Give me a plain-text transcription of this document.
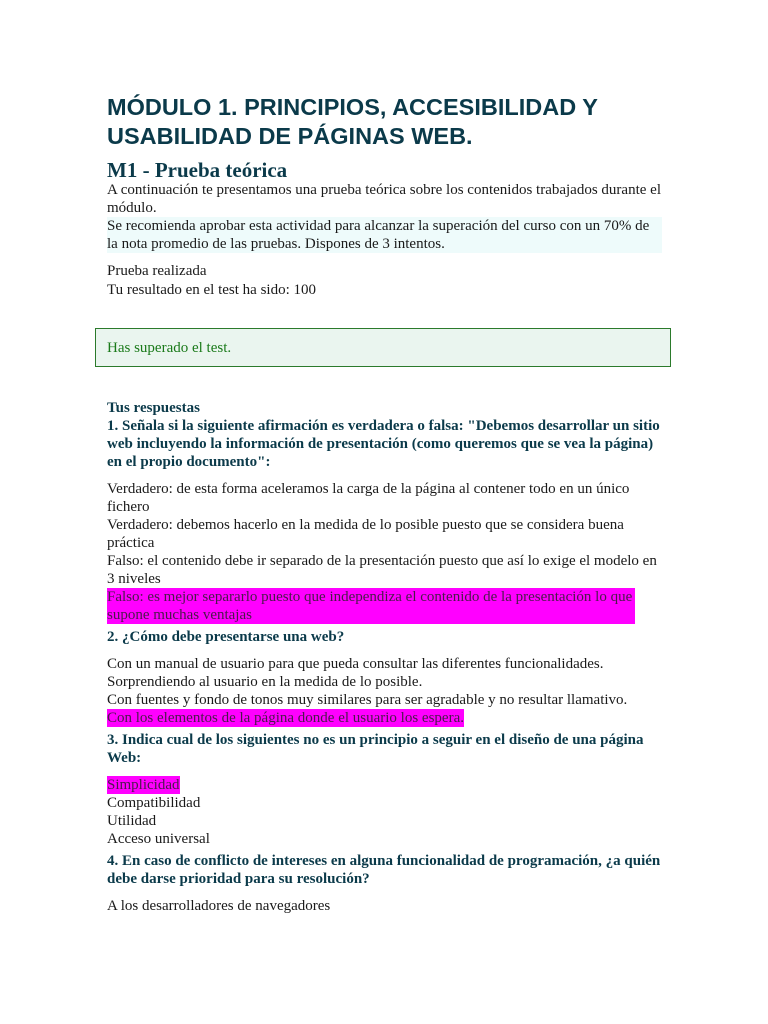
MÓDULO 1. PRINCIPIOS, ACCESIBILIDAD Y USABILIDAD DE PÁGINAS WEB.
M1 - Prueba teórica
A continuación te presentamos una prueba teórica sobre los contenidos trabajados durante el módulo.
Se recomienda aprobar esta actividad para alcanzar la superación del curso con un 70% de la nota promedio de las pruebas. Dispones de 3 intentos.
Prueba realizada
Tu resultado en el test ha sido: 100
Has superado el test.
Tus respuestas

1. Señala si la siguiente afirmación es verdadera o falsa: "Debemos desarrollar un sitio web incluyendo la información de presentación (como queremos que se vea la página) en el propio documento":

Verdadero: de esta forma aceleramos la carga de la página al contener todo en un único fichero
Verdadero: debemos hacerlo en la medida de lo posible puesto que se considera buena práctica
Falso: el contenido debe ir separado de la presentación puesto que así lo exige el modelo en 3 niveles
Falso: es mejor separarlo puesto que independiza el contenido de la presentación lo que supone muchas ventajas

2. ¿Cómo debe presentarse una web?

Con un manual de usuario para que pueda consultar las diferentes funcionalidades.
Sorprendiendo al usuario en la medida de lo posible.
Con fuentes y fondo de tonos muy similares para ser agradable y no resultar llamativo.
Con los elementos de la página donde el usuario los espera.

3. Indica cual de los siguientes no es un principio a seguir en el diseño de una página Web:

Simplicidad
Compatibilidad
Utilidad
Acceso universal

4. En caso de conflicto de intereses en alguna funcionalidad de programación, ¿a quién debe darse prioridad para su resolución?

A los desarrolladores de navegadores
